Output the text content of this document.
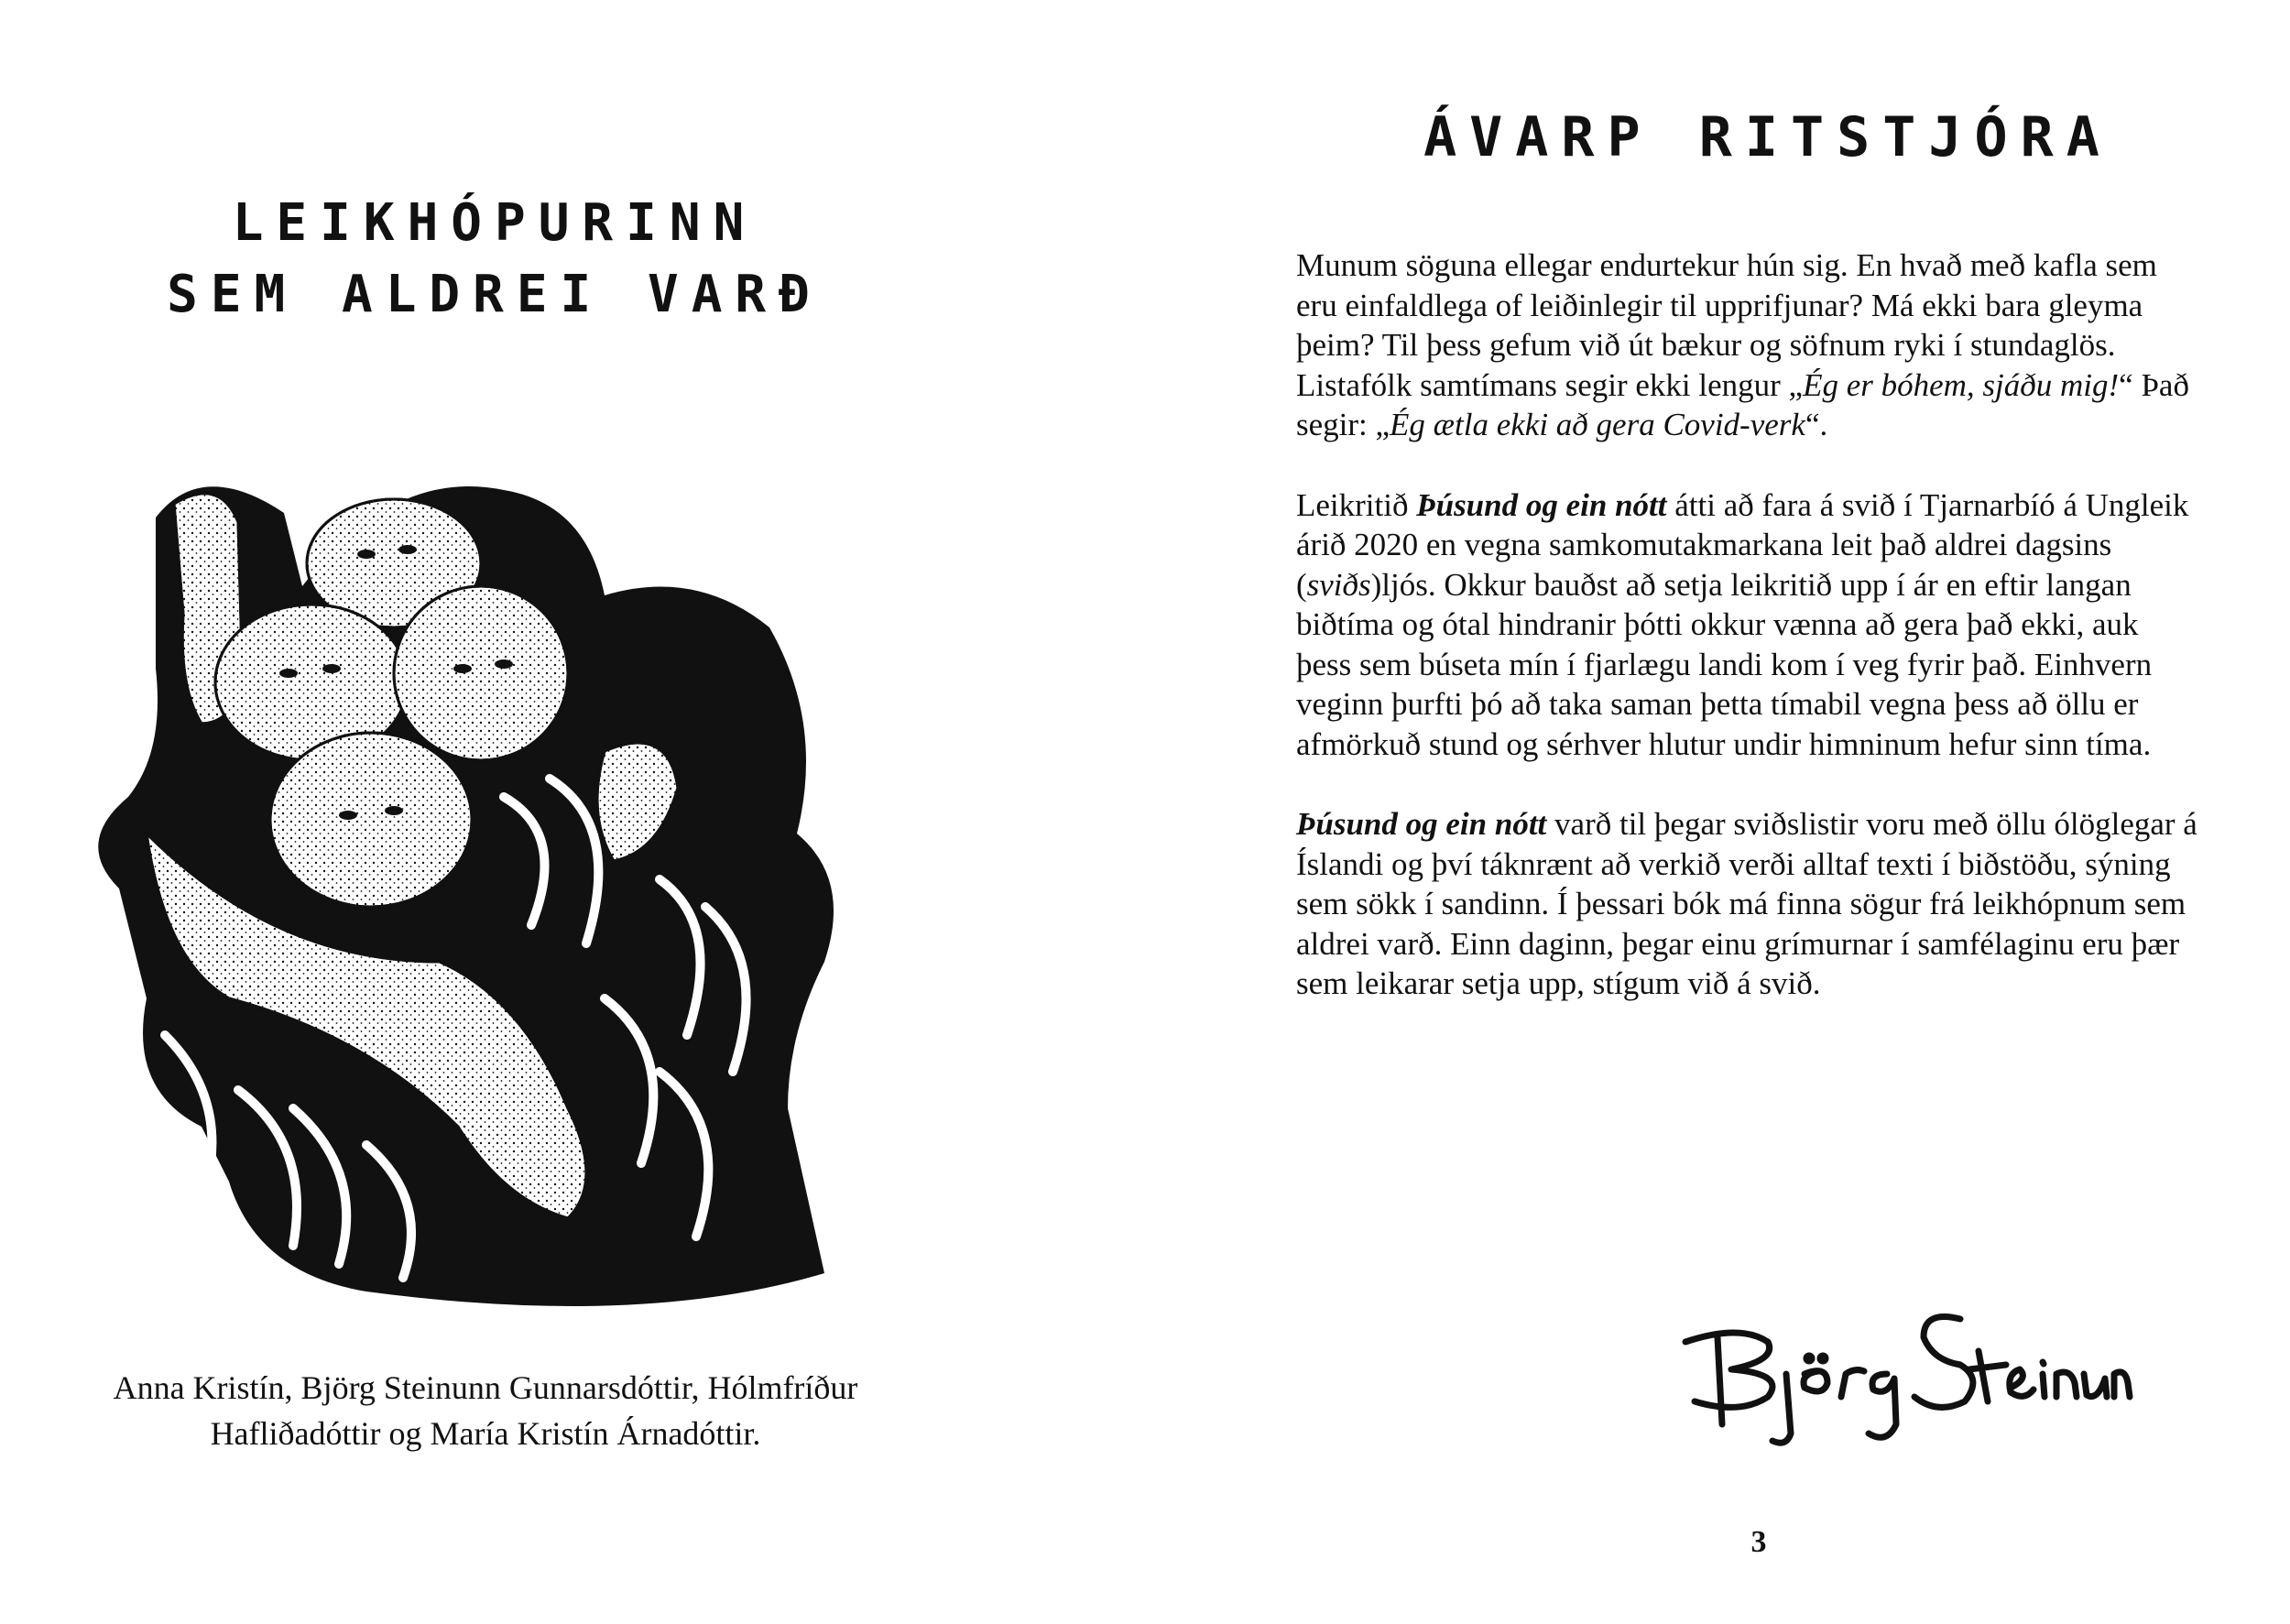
LEIKHÓPURINN
SEM ALDREI VARÐ
Anna Kristín, Björg Steinunn Gunnarsdóttir, Hólmfríður Hafliðadóttir og María Kristín Árnadóttir.
ÁVARP RITSTJÓRA

Munum söguna ellegar endurtekur hún sig. En hvað með kafla sem eru einfaldlega of leiðinlegir til upprifjunar? Má ekki bara gleyma þeim? Til þess gefum við út bækur og söfnum ryki í stundaglös. Listafólk samtímans segir ekki lengur „Ég er bóhem, sjáðu mig!“ Það segir: „Ég ætla ekki að gera Covid-verk“.

Leikritið Þúsund og ein nótt átti að fara á svið í Tjarnarbíó á Ungleik árið 2020 en vegna samkomutakmarkana leit það aldrei dagsins (sviðs)ljós. Okkur bauðst að setja leikritið upp í ár en eftir langan biðtíma og ótal hindranir þótti okkur vænna að gera það ekki, auk þess sem búseta mín í fjarlægu landi kom í veg fyrir það. Einhvern veginn þurfti þó að taka saman þetta tímabil vegna þess að öllu er afmörkuð stund og sérhver hlutur undir himninum hefur sinn tíma.

Þúsund og ein nótt varð til þegar sviðslistir voru með öllu ólöglegar á Íslandi og því táknrænt að verkið verði alltaf texti í biðstöðu, sýning sem sökk í sandinn. Í þessari bók má finna sögur frá leikhópnum sem aldrei varð. Einn daginn, þegar einu grímurnar í samfélaginu eru þær sem leikarar setja upp, stígum við á svið.

3
